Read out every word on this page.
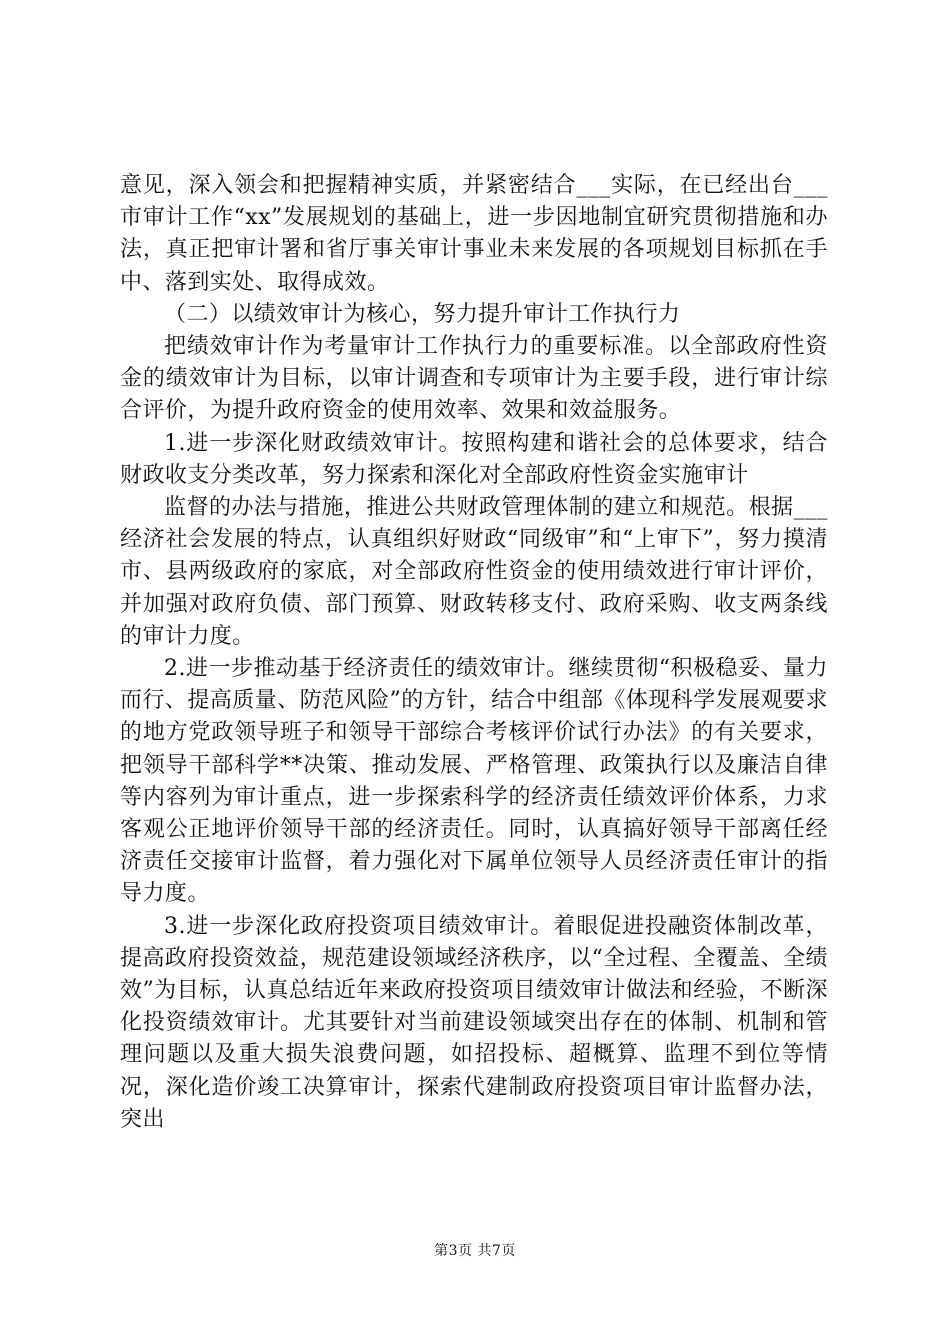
意见，深入领会和把握精神实质，并紧密结合___实际，在已经出台___市审计工作“xx”发展规划的基础上，进一步因地制宜研究贯彻措施和办法，真正把审计署和省厅事关审计事业未来发展的各项规划目标抓在手中、落到实处、取得成效。

（二）以绩效审计为核心，努力提升审计工作执行力

把绩效审计作为考量审计工作执行力的重要标准。以全部政府性资金的绩效审计为目标，以审计调查和专项审计为主要手段，进行审计综合评价，为提升政府资金的使用效率、效果和效益服务。

1.进一步深化财政绩效审计。按照构建和谐社会的总体要求，结合财政收支分类改革，努力探索和深化对全部政府性资金实施审计

监督的办法与措施，推进公共财政管理体制的建立和规范。根据___经济社会发展的特点，认真组织好财政“同级审”和“上审下”，努力摸清市、县两级政府的家底，对全部政府性资金的使用绩效进行审计评价，并加强对政府负债、部门预算、财政转移支付、政府采购、收支两条线的审计力度。

2.进一步推动基于经济责任的绩效审计。继续贯彻“积极稳妥、量力而行、提高质量、防范风险”的方针，结合中组部《体现科学发展观要求的地方党政领导班子和领导干部综合考核评价试行办法》的有关要求，把领导干部科学**决策、推动发展、严格管理、政策执行以及廉洁自律等内容列为审计重点，进一步探索科学的经济责任绩效评价体系，力求客观公正地评价领导干部的经济责任。同时，认真搞好领导干部离任经济责任交接审计监督，着力强化对下属单位领导人员经济责任审计的指导力度。

3.进一步深化政府投资项目绩效审计。着眼促进投融资体制改革，提高政府投资效益，规范建设领域经济秩序，以“全过程、全覆盖、全绩效”为目标，认真总结近年来政府投资项目绩效审计做法和经验，不断深化投资绩效审计。尤其要针对当前建设领域突出存在的体制、机制和管理问题以及重大损失浪费问题，如招投标、超概算、监理不到位等情况，深化造价竣工决算审计，探索代建制政府投资项目审计监督办法，突出

第3页 共7页
